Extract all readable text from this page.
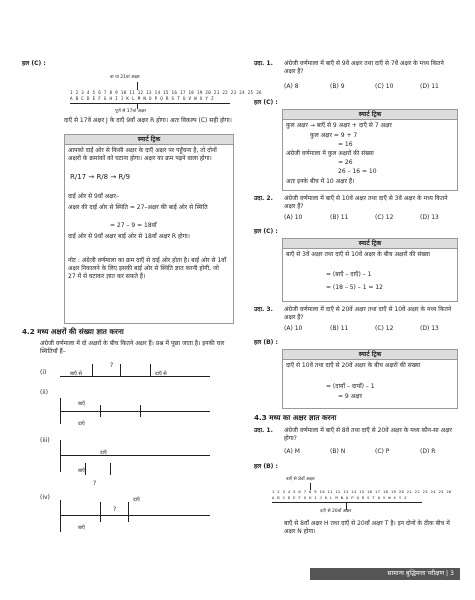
हल (C) :
वां या 21वां अक्षर
1 2 3 4 5 6 7 8 9 10 11 12 13 14 15 16 17 18 19 20 21 22 23 24 25 26
A B C D E F G H I J K L M N O P Q R S T U V W X Y Z
पूर्ण से 17वां अक्षर
दाएँ से 17वें अक्षर J के दाएँ 9वाँ अक्षर R होगा। अतः विकल्प (C) सही होगा।
स्मार्ट ट्रिक
आपको दाईं ओर से किसी अक्षर के दाएँ अक्षर पर पहुँचना है, तो दोनों अक्षरों के क्रमांकों को घटाना होगा। अक्षर का क्रम पढ़ने वाला होगा।
R/17 → R/8 → R/9
दाईं ओर से 9वाँ अक्षर–
अक्षर की दाईं ओर से स्थिति = 27–अक्षर की बाईं ओर से स्थिति
= 27 – 9 = 18वाँ
दाईं ओर से 9वाँ अक्षर बाईं ओर से 18वाँ अक्षर R होगा।
नोट : अंग्रेजी वर्णमाला का क्रम दाएँ से दाईं ओर होता है। बाईं ओर से 1वाँ अक्षर निकालने के लिए इसकी बाईं ओर से स्थिति ज्ञात करनी होगी, जो 27 में से घटाकर ज्ञात कर सकते हैं।
4.2 मध्य अक्षरों की संख्या ज्ञात करना
अंग्रेजी वर्णमाला में दो अक्षरों के बीच कितने अक्षर हैं। प्रश्न में पूछा जाता है। इनकी चार स्थितियाँ हैं–
(i)
?
बाएँ से	दाएँ से
(ii)
बाएँ
दाएँ
(iii)
दाएँ
बाएँ
?
(iv)	दाएँ
?
बाएँ
उदा. 1. अंग्रेजी वर्णमाला में बाएँ से 9वें अक्षर तथा दाएँ से 7वें अक्षर के मध्य कितने अक्षर हैं?
(A) 8	(B) 9	(C) 10	(D) 11
हल (C) :
स्मार्ट ट्रिक
कुल अक्षर → बाएँ से 9 अक्षर + दाएँ से 7 अक्षर
कुल अक्षर = 9 + 7
= 16
अंग्रेजी वर्णमाला में कुल अक्षरों की संख्या
= 26
26 – 16 = 10
अतः इनके बीच में 10 अक्षर हैं।
उदा. 2. अंग्रेजी वर्णमाला में बाएँ से 10वें अक्षर तथा दाएँ से 3वें अक्षर के मध्य कितने अक्षर हैं?
(A) 10	(B) 11	(C) 12	(D) 13
हल (C) :
स्मार्ट ट्रिक
बाएँ से 3वें अक्षर तथा दाएँ से 10वें अक्षर के बीच अक्षरों की संख्या
= (बाएँ – दाएँ) – 1
= (18 – 5) – 1 = 12
उदा. 3. अंग्रेजी वर्णमाला में दाएँ से 20वें अक्षर तथा दाएँ से 10वें अक्षर के मध्य कितने अक्षर हैं?
(A) 10	(B) 11	(C) 12	(D) 13
हल (B) :
स्मार्ट ट्रिक
दाएँ से 10वें तथा दाएँ से 20वें अक्षर के बीच अक्षरों की संख्या
= (दायाँ – दायाँ) – 1
= 9 अक्षर
4.3 मध्य का अक्षर ज्ञात करना
उदा. 1. अंग्रेजी वर्णमाला में बाएँ से 8वें तथा दाएँ से 20वें अक्षर के मध्य कौन-सा अक्षर होगा?
(A) M	(B) N	(C) P	(D) R
हल (B) :
बाएँ से 8वाँ अक्षर
1 2 3 4 5 6 7 8 9 10 11 12 13 14 15 16 17 18 19 20 21 22 23 24 25 26
A B C D E F G H I J K L M N O P Q R S T U V W X Y Z
दाएँ से 20वाँ अक्षर
बाएँ से 8वाँ अक्षर H तथा दाएँ से 20वाँ अक्षर T है। इन दोनों के ठीक बीच में अक्षर N होगा।
सामान्य बुद्धिमत्ता परीक्षण | 3
